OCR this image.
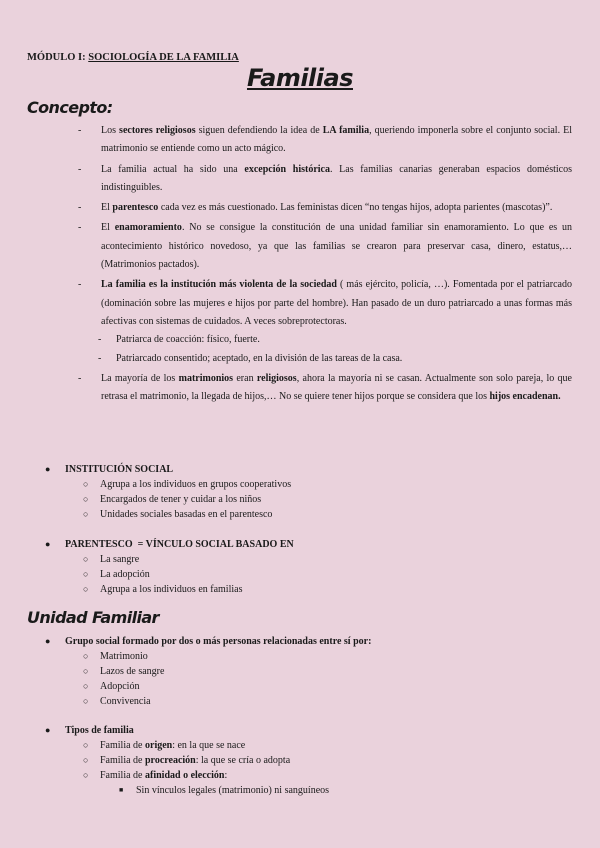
MÓDULO I: SOCIOLOGÍA DE LA FAMILIA
Familias
Concepto:
- Los sectores religiosos siguen defendiendo la idea de LA familia, queriendo imponerla sobre el conjunto social. El matrimonio se entiende como un acto mágico.
- La familia actual ha sido una excepción histórica. Las familias canarias generaban espacios domésticos indistinguibles.
- El parentesco cada vez es más cuestionado. Las feministas dicen “no tengas hijos, adopta parientes (mascotas)”.
- El enamoramiento. No se consigue la constitución de una unidad familiar sin enamoramiento. Lo que es un acontecimiento histórico novedoso, ya que las familias se crearon para preservar casa, dinero, estatus,… (Matrimonios pactados).
- La familia es la institución más violenta de la sociedad ( más ejército, policía, …). Fomentada por el patriarcado (dominación sobre las mujeres e hijos por parte del hombre). Han pasado de un duro patriarcado a unas formas más afectivas con sistemas de cuidados. A veces sobreprotectoras.
- Patriarca de coacción: físico, fuerte.
- Patriarcado consentido; aceptado, en la división de las tareas de la casa.
- La mayoría de los matrimonios eran religiosos, ahora la mayoría ni se casan. Actualmente son solo pareja, lo que retrasa el matrimonio, la llegada de hijos,… No se quiere tener hijos porque se considera que los hijos encadenan.
● INSTITUCIÓN SOCIAL
○ Agrupa a los individuos en grupos cooperativos
○ Encargados de tener y cuidar a los niños
○ Unidades sociales basadas en el parentesco
● PARENTESCO  = VÍNCULO SOCIAL BASADO EN
○ La sangre
○ La adopción
○ Agrupa a los individuos en familias
Unidad Familiar
● Grupo social formado por dos o más personas relacionadas entre sí por:
○ Matrimonio
○ Lazos de sangre
○ Adopción
○ Convivencia
● Tipos de familia
○ Familia de origen: en la que se nace
○ Familia de procreación: la que se cría o adopta
○ Familia de afinidad o elección:
■ Sin vínculos legales (matrimonio) ni sanguíneos
